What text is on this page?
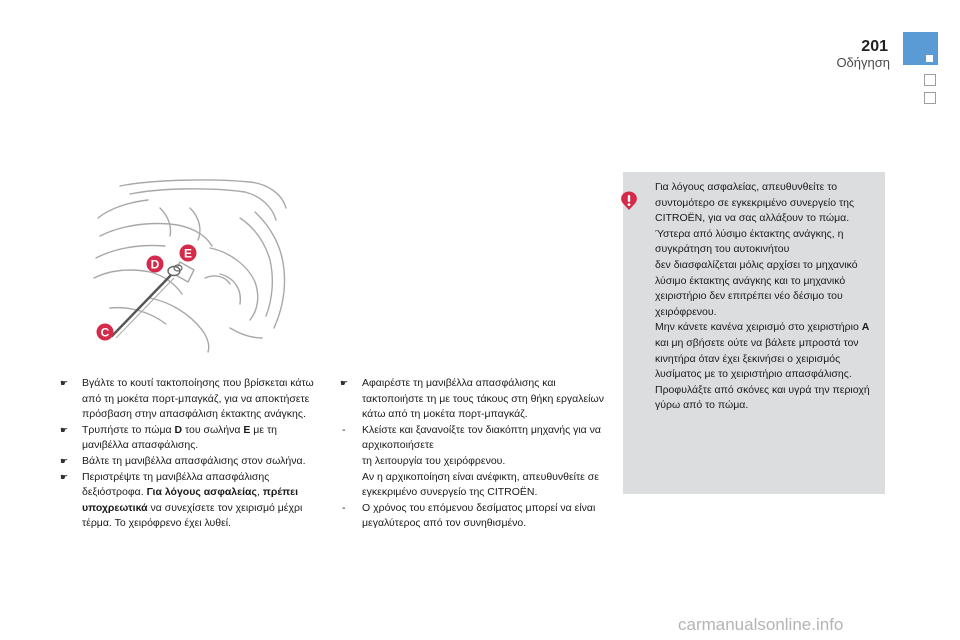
201
Οδήγηση
C
D
E
☛	Βγάλτε το κουτί τακτοποίησης που βρίσκεται κάτω από τη μοκέτα πορτ-μπαγκάζ, για να αποκτήσετε πρόσβαση στην απασφάλιση έκτακτης ανάγκης.
☛	Τρυπήστε το πώμα D του σωλήνα E με τη μανιβέλλα απασφάλισης.
☛	Βάλτε τη μανιβέλλα απασφάλισης στον σωλήνα.
☛	Περιστρέψτε τη μανιβέλλα απασφάλισης δεξιόστροφα. Για λόγους ασφαλείας, πρέπει υποχρεωτικά να συνεχίσετε τον χειρισμό μέχρι τέρμα. Το χειρόφρενο έχει λυθεί.
☛	Αφαιρέστε τη μανιβέλλα απασφάλισης και τακτοποιήστε τη με τους τάκους στη θήκη εργαλείων κάτω από τη μοκέτα πορτ-μπαγκάζ.
-	Κλείστε και ξανανοίξτε τον διακόπτη μηχανής για να αρχικοποιήσετε
τη λειτουργία του χειρόφρενου.
Αν η αρχικοποίηση είναι ανέφικτη, απευθυνθείτε σε εγκεκριμένο συνεργείο της CITROËN.
-	Ο χρόνος του επόμενου δεσίματος μπορεί να είναι μεγαλύτερος από τον συνηθισμένο.
Για λόγους ασφαλείας, απευθυνθείτε το συντομότερο σε εγκεκριμένο συνεργείο της CITROËN, για να σας αλλάξουν το πώμα.
Ύστερα από λύσιμο έκτακτης ανάγκης, η συγκράτηση του αυτοκινήτου
δεν διασφαλίζεται μόλις αρχίσει το μηχανικό λύσιμο έκτακτης ανάγκης και το μηχανικό χειριστήριο δεν επιτρέπει νέο δέσιμο του χειρόφρενου.
Μην κάνετε κανένα χειρισμό στο χειριστήριο A και μη σβήσετε ούτε να βάλετε μπροστά τον κινητήρα όταν έχει ξεκινήσει ο χειρισμός λυσίματος με το χειριστήριο απασφάλισης.
Προφυλάξτε από σκόνες και υγρά την περιοχή γύρω από το πώμα.
carmanualsonline.info
